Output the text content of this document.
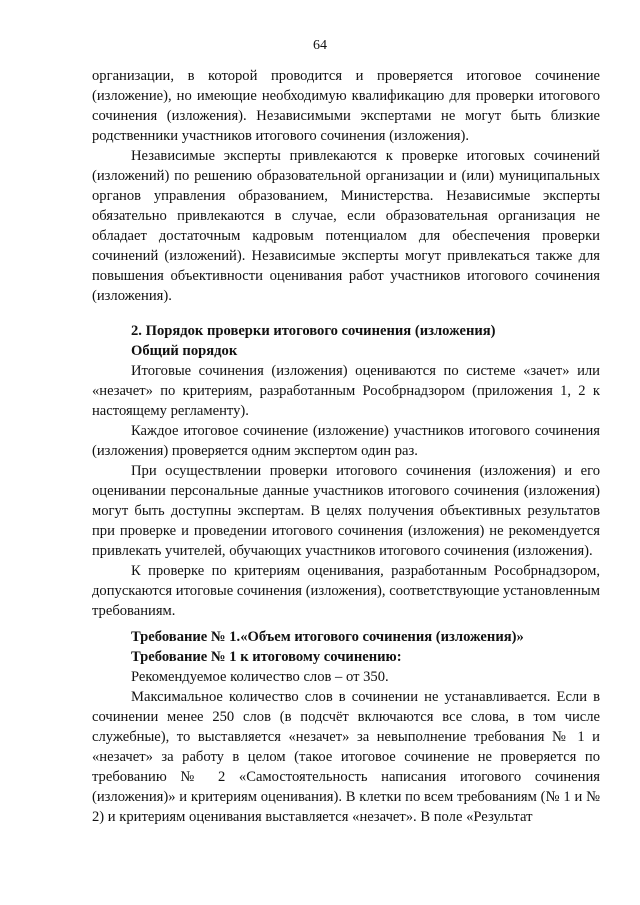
64

организации, в которой проводится и проверяется итоговое сочинение (изложение), но имеющие необходимую квалификацию для проверки итогового сочинения (изложения). Независимыми экспертами не могут быть близкие родственники участников итогового сочинения (изложения).

Независимые эксперты привлекаются к проверке итоговых сочинений (изложений) по решению образовательной организации и (или) муниципальных органов управления образованием, Министерства. Независимые эксперты обязательно привлекаются в случае, если образовательная организация не обладает достаточным кадровым потенциалом для обеспечения проверки сочинений (изложений). Независимые эксперты могут привлекаться также для повышения объективности оценивания работ участников итогового сочинения (изложения).

2. Порядок проверки итогового сочинения (изложения)

Общий порядок

Итоговые сочинения (изложения) оцениваются по системе «зачет» или «незачет» по критериям, разработанным Рособрнадзором (приложения 1, 2 к настоящему регламенту).

Каждое итоговое сочинение (изложение) участников итогового сочинения (изложения) проверяется одним экспертом один раз.

При осуществлении проверки итогового сочинения (изложения) и его оценивании персональные данные участников итогового сочинения (изложения) могут быть доступны экспертам. В целях получения объективных результатов при проверке и проведении итогового сочинения (изложения) не рекомендуется привлекать учителей, обучающих участников итогового сочинения (изложения).

К проверке по критериям оценивания, разработанным Рособрнадзором, допускаются итоговые сочинения (изложения), соответствующие установленным требованиям.

Требование № 1.«Объем итогового сочинения (изложения)»

Требование № 1 к итоговому сочинению:

Рекомендуемое количество слов – от 350.

Максимальное количество слов в сочинении не устанавливается. Если в сочинении менее 250 слов (в подсчёт включаются все слова, в том числе служебные), то выставляется «незачет» за невыполнение требования № 1 и «незачет» за работу в целом (такое итоговое сочинение не проверяется по требованию № 2 «Самостоятельность написания итогового сочинения (изложения)» и критериям оценивания). В клетки по всем требованиям (№ 1 и № 2) и критериям оценивания выставляется «незачет». В поле «Результат
